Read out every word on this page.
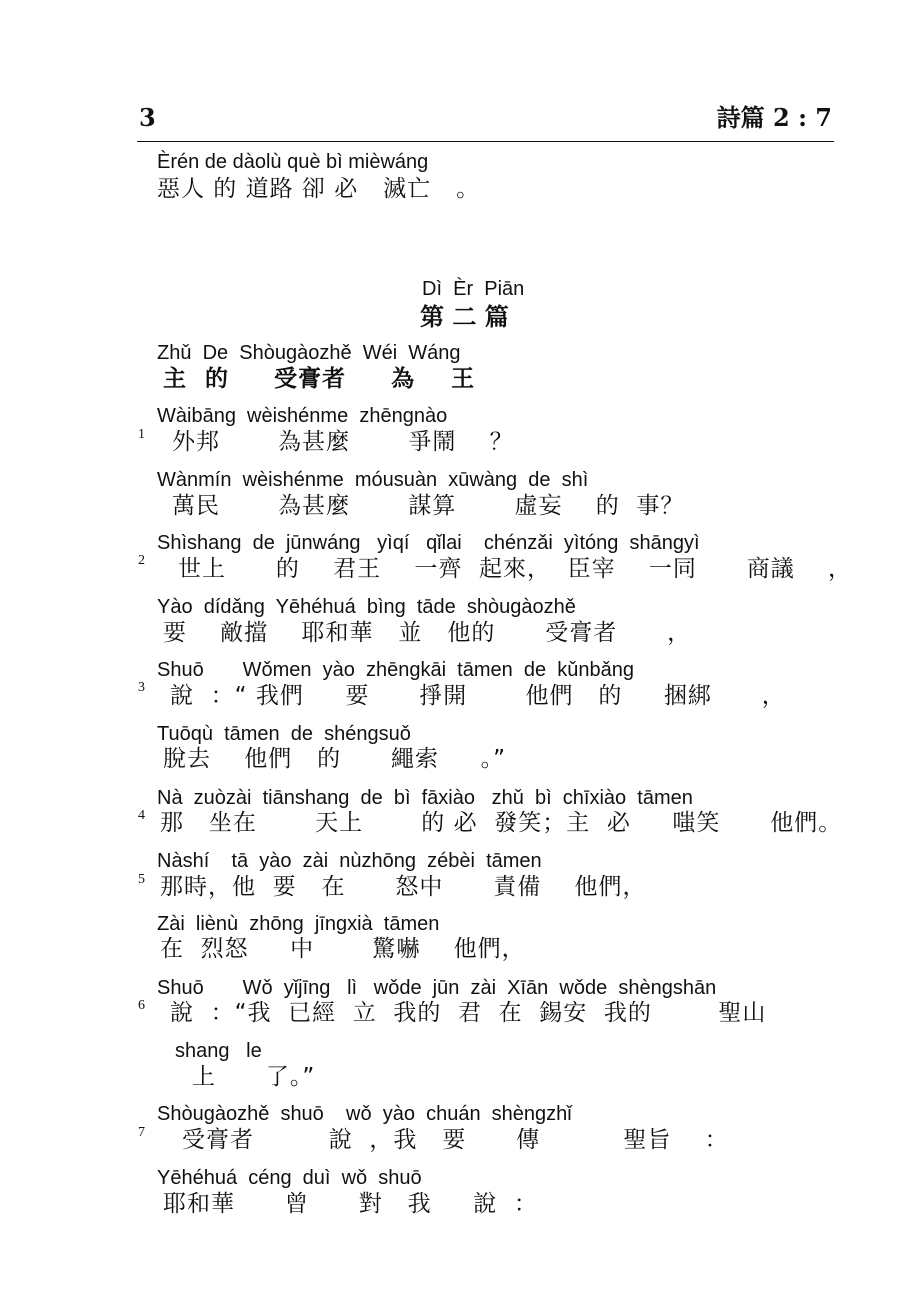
3	詩篇 2 : 7
Èrén de dàolù què bì mièwáng
惡人 的 道路 卻 必   滅亡   。
Dì  Èr  Piān
第 二 篇
Zhǔ  De  Shòugàozhě  Wéi  Wáng
主  的     受膏者     為    王
1
Wàibāng  wèishénme  zhēngnào
外邦       為甚麼       爭鬧    ？
Wànmín  wèishénme  móusuàn  xūwàng  de  shì
萬民       為甚麼       謀算       虛妄    的  事？
2
Shìshang  de  jūnwáng   yìqí   qǐlai    chénzǎi  yìtóng  shāngyì
世上      的    君王    一齊  起來，  臣宰    一同      商議    ，
Yào  dídǎng  Yēhéhuá  bìng  tāde  shòugàozhě
要    敵擋    耶和華   並   他的      受膏者      ，
3
Shuō       Wǒmen  yào  zhēngkāi  tāmen  de  kǔnbǎng
說  ：“ 我們     要      掙開       他們   的     捆綁      ，
Tuōqù  tāmen  de  shéngsuǒ
脫去    他們   的      繩索     。”
4
Nà  zuòzài  tiānshang  de  bì  fāxiào   zhǔ  bì  chīxiào  tāmen
那   坐在       天上       的 必  發笑；主  必     嗤笑      他們。
5
Nàshí    tā  yào  zài  nùzhōng  zébèi  tāmen
那時，他  要   在      怒中      責備    他們，
Zài  liènù  zhōng  jīngxià  tāmen
在  烈怒     中       驚嚇    他們，
6
Shuō       Wǒ  yǐjīng   lì   wǒde  jūn  zài  Xīān  wǒde  shèngshān
說  ：“我  已經  立  我的  君  在  錫安  我的        聖山
shang   le
上      了。”
7
Shòugàozhě  shuō    wǒ  yào  chuán  shèngzhǐ
受膏者         說  ，我   要      傳          聖旨    ：
Yēhéhuá  céng  duì  wǒ  shuō
耶和華      曾      對   我     說  ：
